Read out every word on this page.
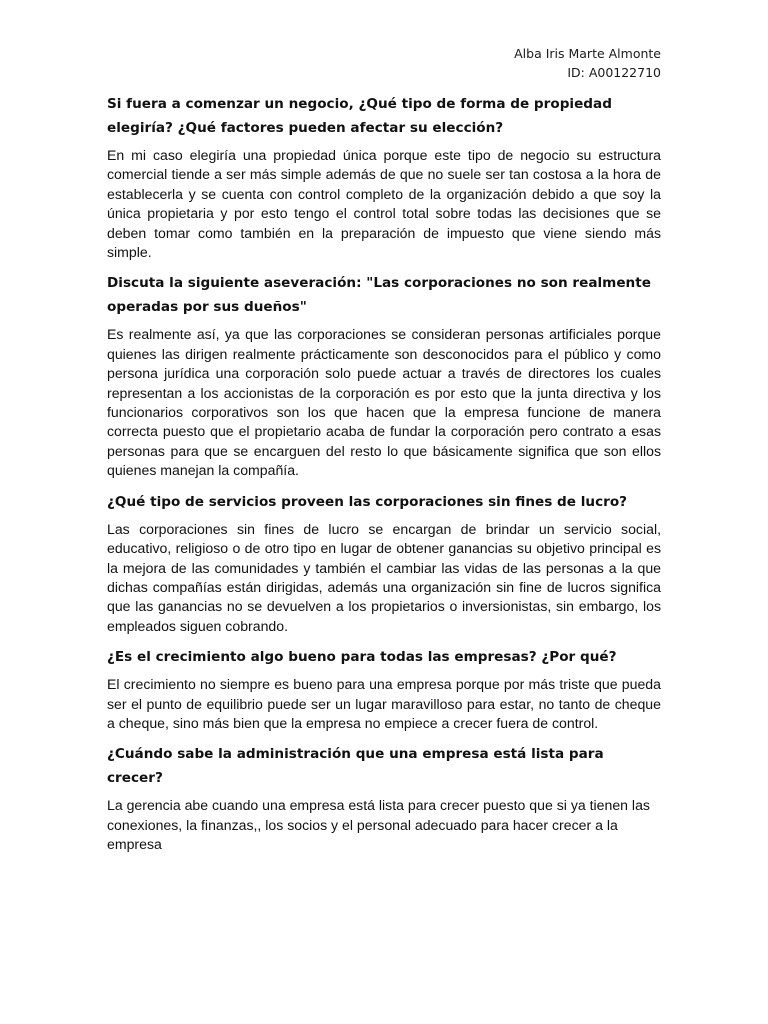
Alba Iris Marte Almonte
ID: A00122710
Si fuera a comenzar un negocio, ¿Qué tipo de forma de propiedad elegiría? ¿Qué factores pueden afectar su elección?
En mi caso elegiría una propiedad única porque este tipo de negocio su estructura comercial tiende a ser más simple además de que no suele ser tan costosa a la hora de establecerla y se cuenta con control completo de la organización debido a que soy la única propietaria y por esto tengo el control total sobre todas las decisiones que se deben tomar como también en la preparación de impuesto que viene siendo más simple.
Discuta la siguiente aseveración: "Las corporaciones no son realmente operadas por sus dueños"
Es realmente así, ya que las corporaciones se consideran personas artificiales porque quienes las dirigen realmente prácticamente son desconocidos para el público y como persona jurídica una corporación solo puede actuar a través de directores los cuales representan a los accionistas de la corporación es por esto que la junta directiva y los funcionarios corporativos son los que hacen que la empresa funcione de manera correcta puesto que el propietario acaba de fundar la corporación pero contrato a esas personas para que se encarguen del resto lo que básicamente significa que son ellos quienes manejan la compañía.
¿Qué tipo de servicios proveen las corporaciones sin fines de lucro?
Las corporaciones sin fines de lucro se encargan de brindar un servicio social, educativo, religioso o de otro tipo en lugar de obtener ganancias su objetivo principal es la mejora de las comunidades y también el cambiar las vidas de las personas a la que dichas compañías están dirigidas, además una organización sin fine de lucros significa que las ganancias no se devuelven a los propietarios o inversionistas, sin embargo, los empleados siguen cobrando.
¿Es el crecimiento algo bueno para todas las empresas? ¿Por qué?
El crecimiento no siempre es bueno para una empresa porque por más triste que pueda ser el punto de equilibrio puede ser un lugar maravilloso para estar, no tanto de cheque a cheque, sino más bien que la empresa no empiece a crecer fuera de control.
¿Cuándo sabe la administración que una empresa está lista para crecer?
La gerencia abe cuando una empresa está lista para crecer puesto que si ya tienen las conexiones, la finanzas,, los socios y el personal adecuado para hacer crecer a la empresa
